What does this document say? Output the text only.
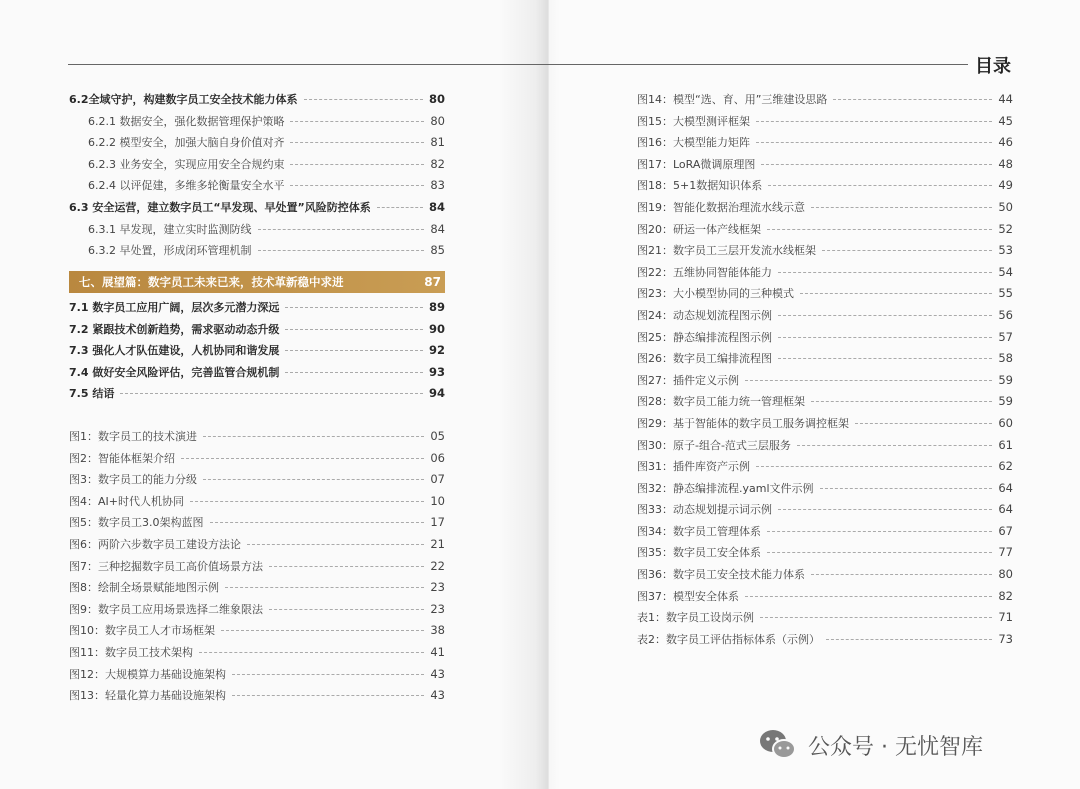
目录
6.2全域守护，构建数字员工安全技术能力体系	80
6.2.1 数据安全，强化数据管理保护策略	80
6.2.2 模型安全，加强大脑自身价值对齐	81
6.2.3 业务安全，实现应用安全合规约束	82
6.2.4 以评促建，多维多轮衡量安全水平	83
6.3 安全运营，建立数字员工“早发现、早处置”风险防控体系	84
6.3.1 早发现，建立实时监测防线	84
6.3.2 早处置，形成闭环管理机制	85
七、展望篇：数字员工未来已来，技术革新稳中求进	87
7.1 数字员工应用广阔，层次多元潜力深远	89
7.2 紧跟技术创新趋势，需求驱动动态升级	90
7.3 强化人才队伍建设，人机协同和谐发展	92
7.4 做好安全风险评估，完善监管合规机制	93
7.5 结语	94
图1：数字员工的技术演进	05
图2：智能体框架介绍	06
图3：数字员工的能力分级	07
图4：AI+时代人机协同	10
图5：数字员工3.0架构蓝图	17
图6：两阶六步数字员工建设方法论	21
图7：三种挖掘数字员工高价值场景方法	22
图8：绘制全场景赋能地图示例	23
图9：数字员工应用场景选择二维象限法	23
图10：数字员工人才市场框架	38
图11：数字员工技术架构	41
图12：大规模算力基础设施架构	43
图13：轻量化算力基础设施架构	43
图14：模型“选、育、用”三维建设思路	44
图15：大模型测评框架	45
图16：大模型能力矩阵	46
图17：LoRA微调原理图	48
图18：5+1数据知识体系	49
图19：智能化数据治理流水线示意	50
图20：研运一体产线框架	52
图21：数字员工三层开发流水线框架	53
图22：五维协同智能体能力	54
图23：大小模型协同的三种模式	55
图24：动态规划流程图示例	56
图25：静态编排流程图示例	57
图26：数字员工编排流程图	58
图27：插件定义示例	59
图28：数字员工能力统一管理框架	59
图29：基于智能体的数字员工服务调控框架	60
图30：原子-组合-范式三层服务	61
图31：插件库资产示例	62
图32：静态编排流程.yaml文件示例	64
图33：动态规划提示词示例	64
图34：数字员工管理体系	67
图35：数字员工安全体系	77
图36：数字员工安全技术能力体系	80
图37：模型安全体系	82
表1：数字员工设岗示例	71
表2：数字员工评估指标体系（示例）	73
公众号 · 无忧智库
